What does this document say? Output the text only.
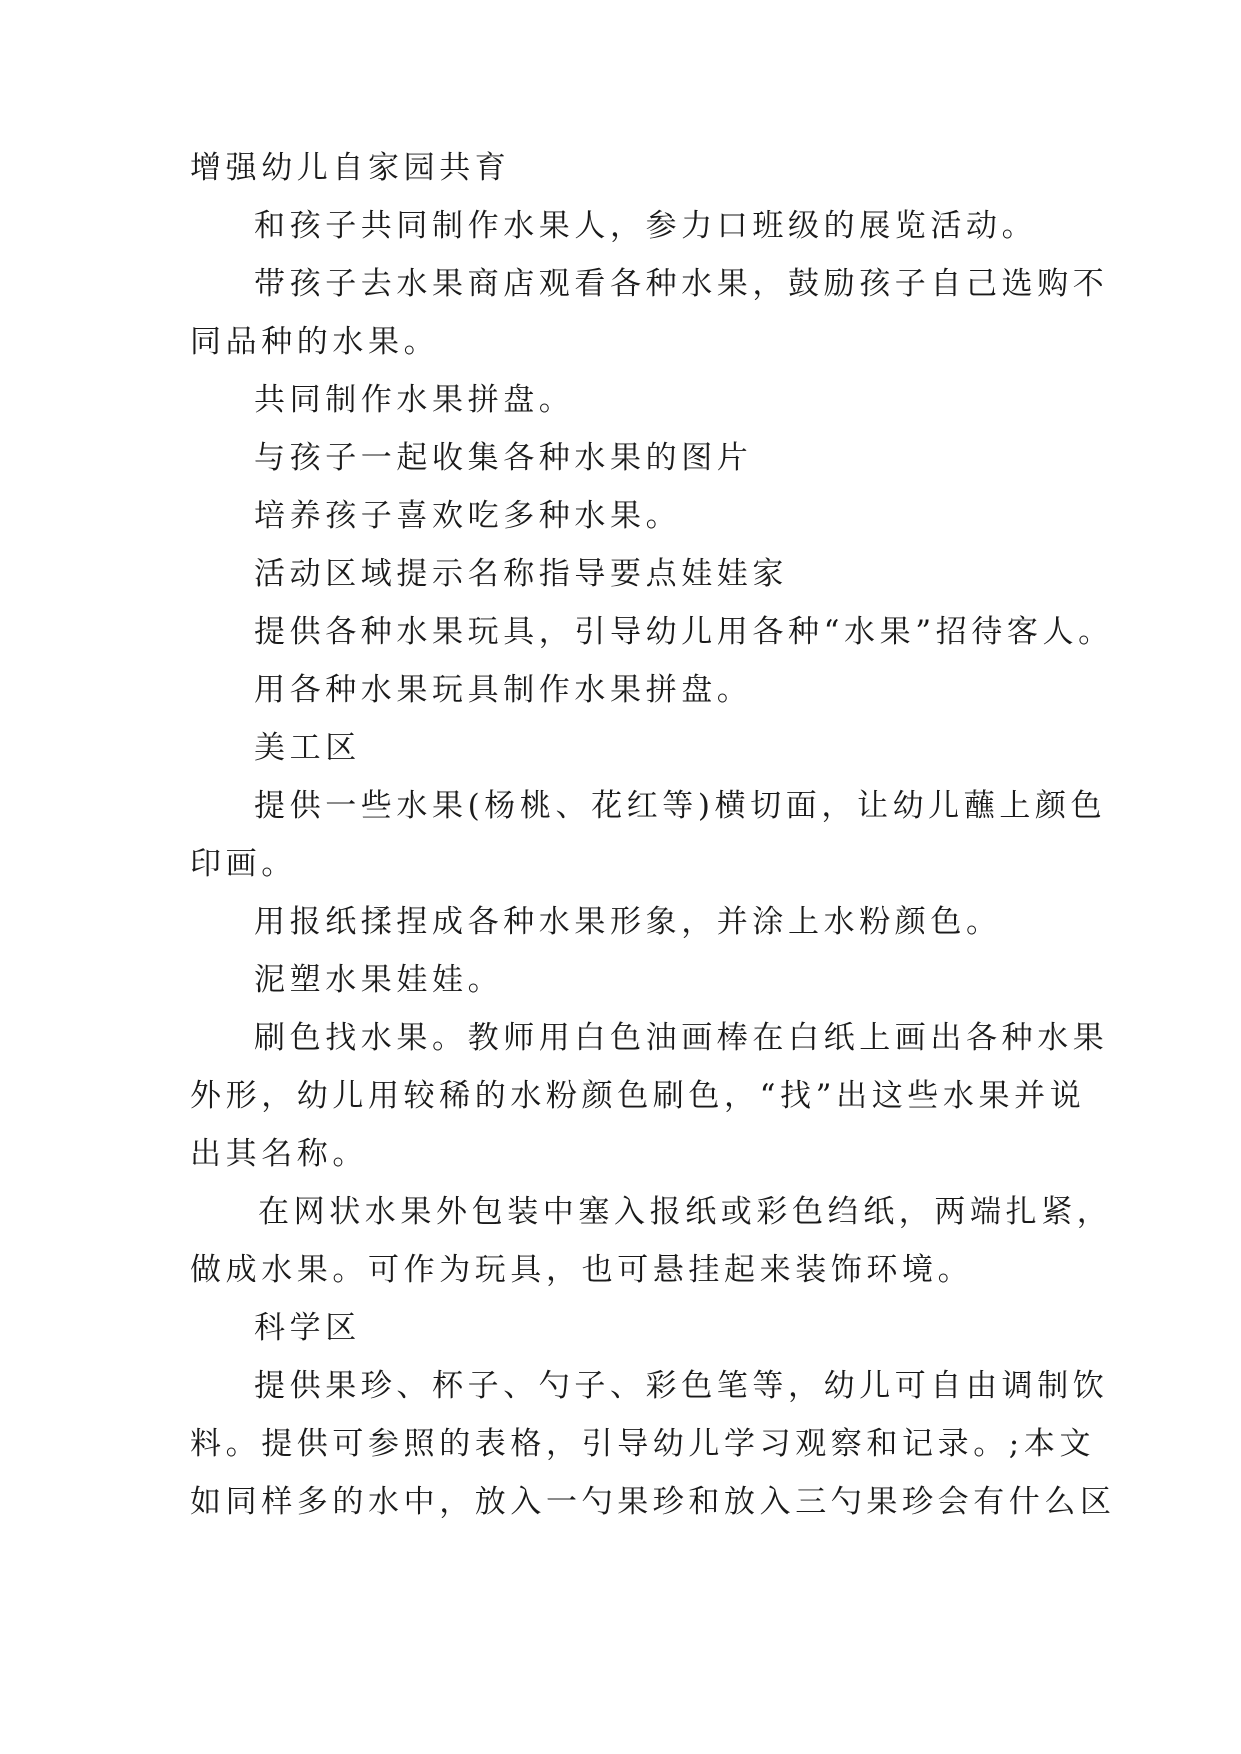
增强幼儿自家园共育
和孩子共同制作水果人，参力口班级的展览活动。
带孩子去水果商店观看各种水果，鼓励孩子自己选购不
同品种的水果。
共同制作水果拼盘。
与孩子一起收集各种水果的图片
培养孩子喜欢吃多种水果。
活动区域提示名称指导要点娃娃家
提供各种水果玩具，引导幼儿用各种“水果”招待客人。
用各种水果玩具制作水果拼盘。
美工区
提供一些水果(杨桃、花红等)横切面，让幼儿蘸上颜色
印画。
用报纸揉捏成各种水果形象，并涂上水粉颜色。
泥塑水果娃娃。
刷色找水果。教师用白色油画棒在白纸上画出各种水果
外形，幼儿用较稀的水粉颜色刷色，“找”出这些水果并说
出其名称。
在网状水果外包装中塞入报纸或彩色绉纸，两端扎紧，
做成水果。可作为玩具，也可悬挂起来装饰环境。
科学区
提供果珍、杯子、勺子、彩色笔等，幼儿可自由调制饮
料。提供可参照的表格，引导幼儿学习观察和记录。;本文
如同样多的水中，放入一勺果珍和放入三勺果珍会有什么区
